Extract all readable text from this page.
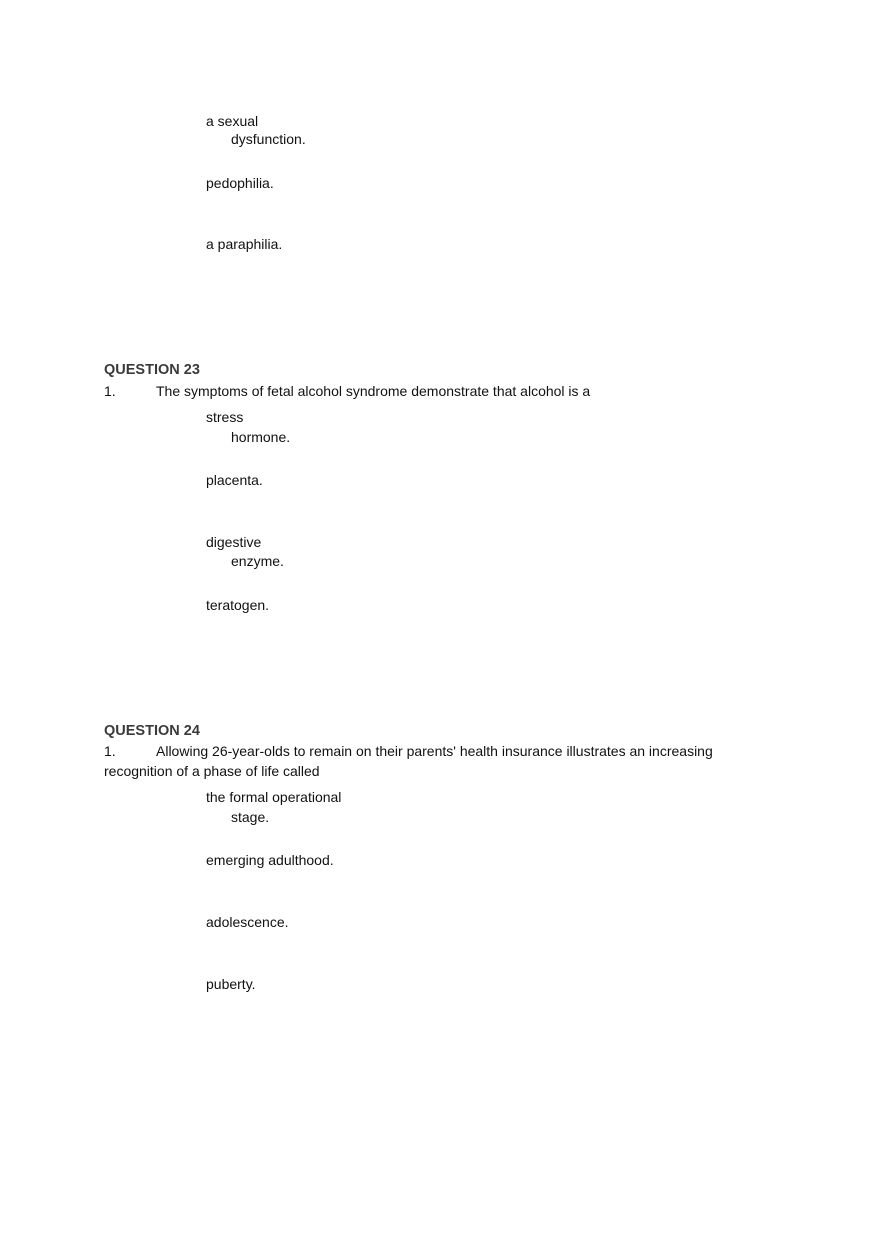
a sexual
dysfunction.
pedophilia.
a paraphilia.
QUESTION 23
1.	The symptoms of fetal alcohol syndrome demonstrate that alcohol is a
stress
hormone.
placenta.
digestive
enzyme.
teratogen.
QUESTION 24
1.	Allowing 26-year-olds to remain on their parents' health insurance illustrates an increasing
recognition of a phase of life called
the formal operational
stage.
emerging adulthood.
adolescence.
puberty.
